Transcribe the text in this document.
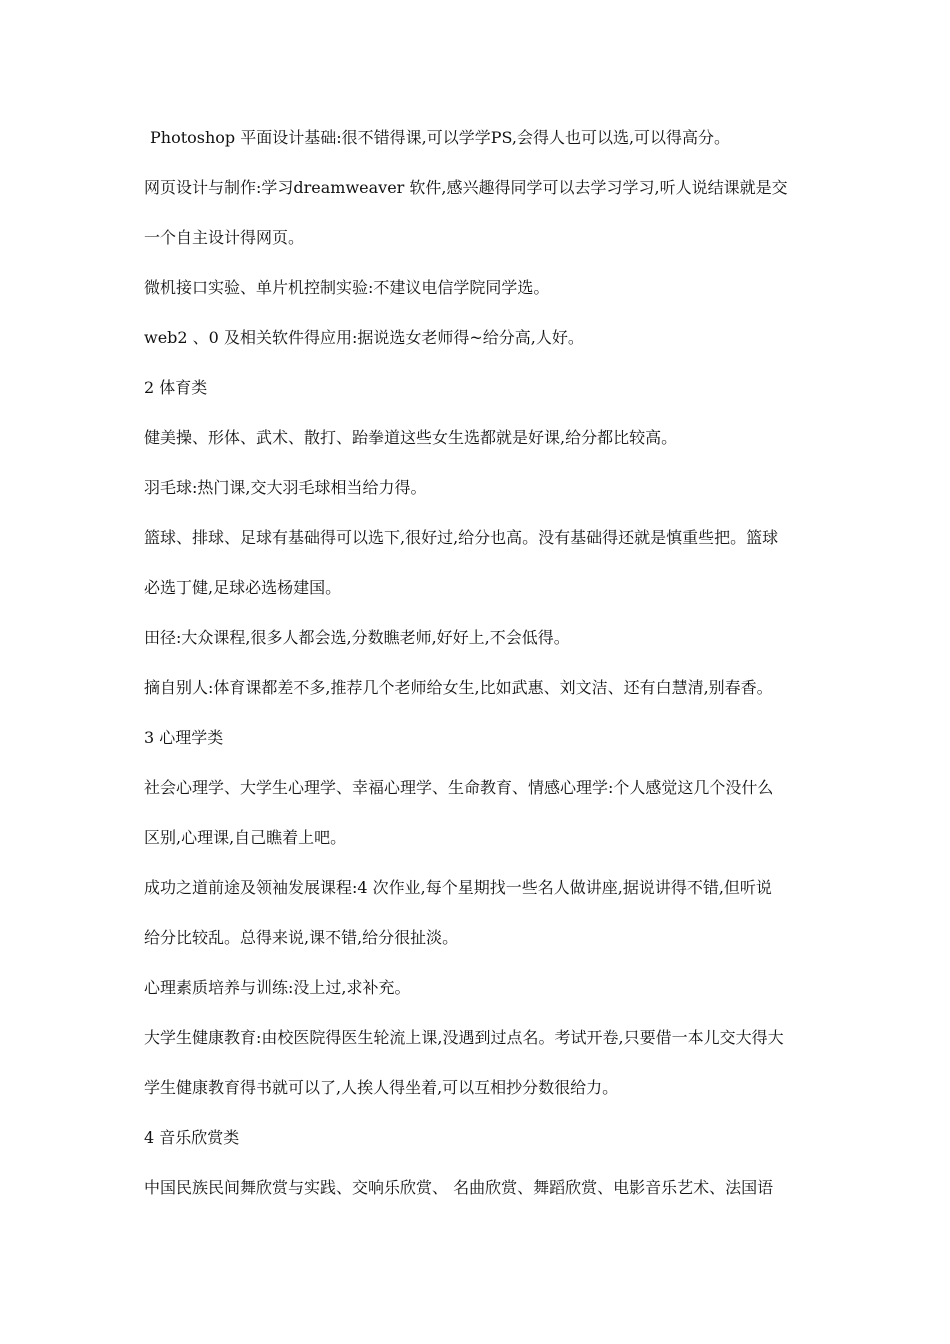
Photoshop 平面设计基础:很不错得课,可以学学PS,会得人也可以选,可以得高分。
网页设计与制作:学习dreamweaver 软件,感兴趣得同学可以去学习学习,听人说结课就是交
一个自主设计得网页。
微机接口实验、单片机控制实验:不建议电信学院同学选。
web2 、0 及相关软件得应用:据说选女老师得~给分高,人好。
2 体育类
健美操、形体、武术、散打、跆拳道这些女生选都就是好课,给分都比较高。
羽毛球:热门课,交大羽毛球相当给力得。
篮球、排球、足球有基础得可以选下,很好过,给分也高。没有基础得还就是慎重些把。篮球
必选丁健,足球必选杨建国。
田径:大众课程,很多人都会选,分数瞧老师,好好上,不会低得。
摘自别人:体育课都差不多,推荐几个老师给女生,比如武惠、刘文洁、还有白慧清,别春香。
3 心理学类
社会心理学、大学生心理学、幸福心理学、生命教育、情感心理学:个人感觉这几个没什么
区别,心理课,自己瞧着上吧。
成功之道前途及领袖发展课程:4 次作业,每个星期找一些名人做讲座,据说讲得不错,但听说
给分比较乱。总得来说,课不错,给分很扯淡。
心理素质培养与训练:没上过,求补充。
大学生健康教育:由校医院得医生轮流上课,没遇到过点名。考试开卷,只要借一本儿交大得大
学生健康教育得书就可以了,人挨人得坐着,可以互相抄分数很给力。
4 音乐欣赏类
中国民族民间舞欣赏与实践、交响乐欣赏、 名曲欣赏、舞蹈欣赏、电影音乐艺术、法国语
